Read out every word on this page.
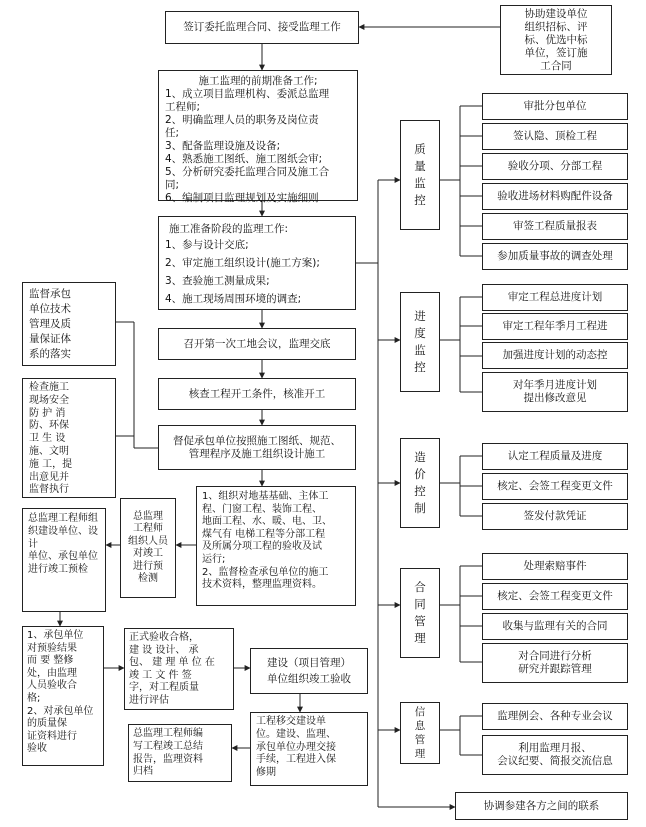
签订委托监理合同、接受监理工作
施工监理的前期准备工作;
1、成立项目监理机构、委派总监理
工程师;
2、明确监理人员的职务及岗位责
任;
3、配备监理设施及设备;
4、熟悉施工图纸、施工图纸会审;
5、分析研究委托监理合同及施工合
同;
6、编制项目监理规划及实施细则
施工准备阶段的监理工作:
1、参与设计交底;
2、审定施工组织设计(施工方案);
3、查验施工测量成果;
4、施工现场周围环境的调查;
召开第一次工地会议，监理交底
核查工程开工条件，核准开工
督促承包单位按照施工图纸、规范、
管理程序及施工组织设计施工
1、组织对地基基础、主体工
程、门窗工程、装饰工程、
地面工程、水、暖、电、卫、
煤气有 电梯工程等分部工程
及所属分项工程的验收及试
运行;
2、监督检查承包单位的施工
技术资料，整理监理资料。
总监理
工程师
组织人员
对竣工
进行预
检测
正式验收合格，
建 设 设计、 承
包、 建 理 单 位 在
竣 工 文 件 签
字，对工程质量
进行评估
建设（项目管理）
单位组织竣工验收
工程移交建设单
位。建设、监理、
承包单位办理交接
手续，工程进入保
修期
总监理工程师编
写工程竣工总结
报告，监理资料
归档
协助建设单位
组织招标、评
标、优选中标
单位，签订施
工合同
监督承包
单位技术
管理及质
量保证体
系的落实
检查施工
现场安全
防 护 消
防、环保
卫 生 设
施、文明
施 工，提
出意见并
监督执行
总监理工程师组
织建设单位、设计
单位、承包单位
进行竣工预检
1、承包单位
对预验结果
而 要 整修
处，由监理
人员验收合
格;
2、对承包单位
的质量保
证资料进行
验收
质
量
监
控
进
度
监
控
造
价
控
制
合
同
管
理
信
息
管
理
审批分包单位
签认隐、顶检工程
验收分项、分部工程
验收进场材料购配件设备
审签工程质量报表
参加质量事故的调查处理
审定工程总进度计划
审定工程年季月工程进
加强进度计划的动态控
对年季月进度计划
提出修改意见
认定工程质量及进度
核定、会签工程变更文件
签发付款凭证
处理索赔事件
核定、会签工程变更文件
收集与监理有关的合同
对合同进行分析
研究并跟踪管理
监理例会、各种专业会议
利用监理月报、
会议纪要、简报交流信息
协调参建各方之间的联系
